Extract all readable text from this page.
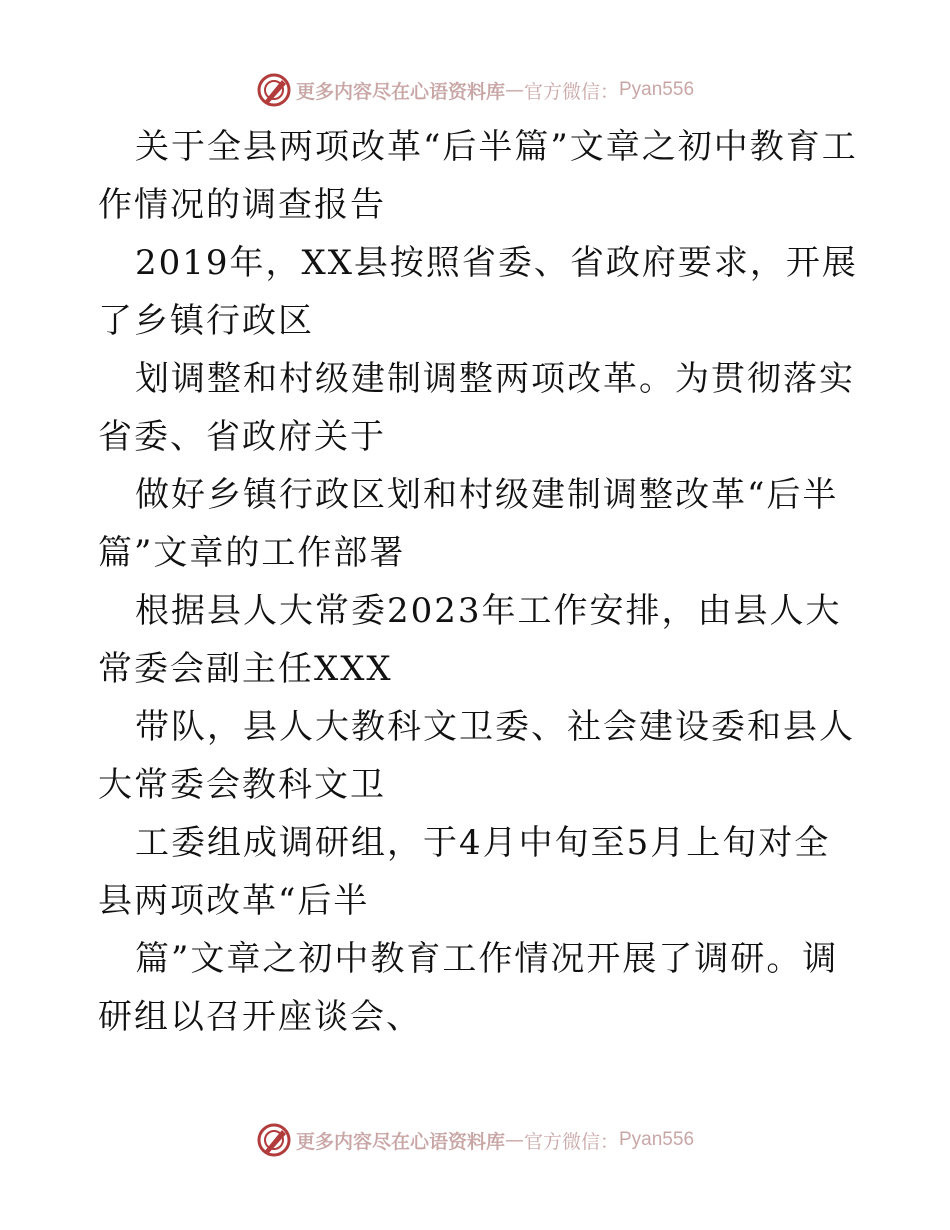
更多内容尽在心语资料库 — 官方微信： Pyan556

关于全县两项改革“后半篇”文章之初中教育工作情况的调查报告

2019年，XX县按照省委、省政府要求，开展了乡镇行政区

划调整和村级建制调整两项改革。为贯彻落实省委、省政府关于

做好乡镇行政区划和村级建制调整改革“后半篇”文章的工作部署

根据县人大常委2023年工作安排，由县人大常委会副主任XXX

带队，县人大教科文卫委、社会建设委和县人大常委会教科文卫

工委组成调研组，于4月中旬至5月上旬对全县两项改革“后半

篇”文章之初中教育工作情况开展了调研。调研组以召开座谈会、

更多内容尽在心语资料库 — 官方微信： Pyan556
